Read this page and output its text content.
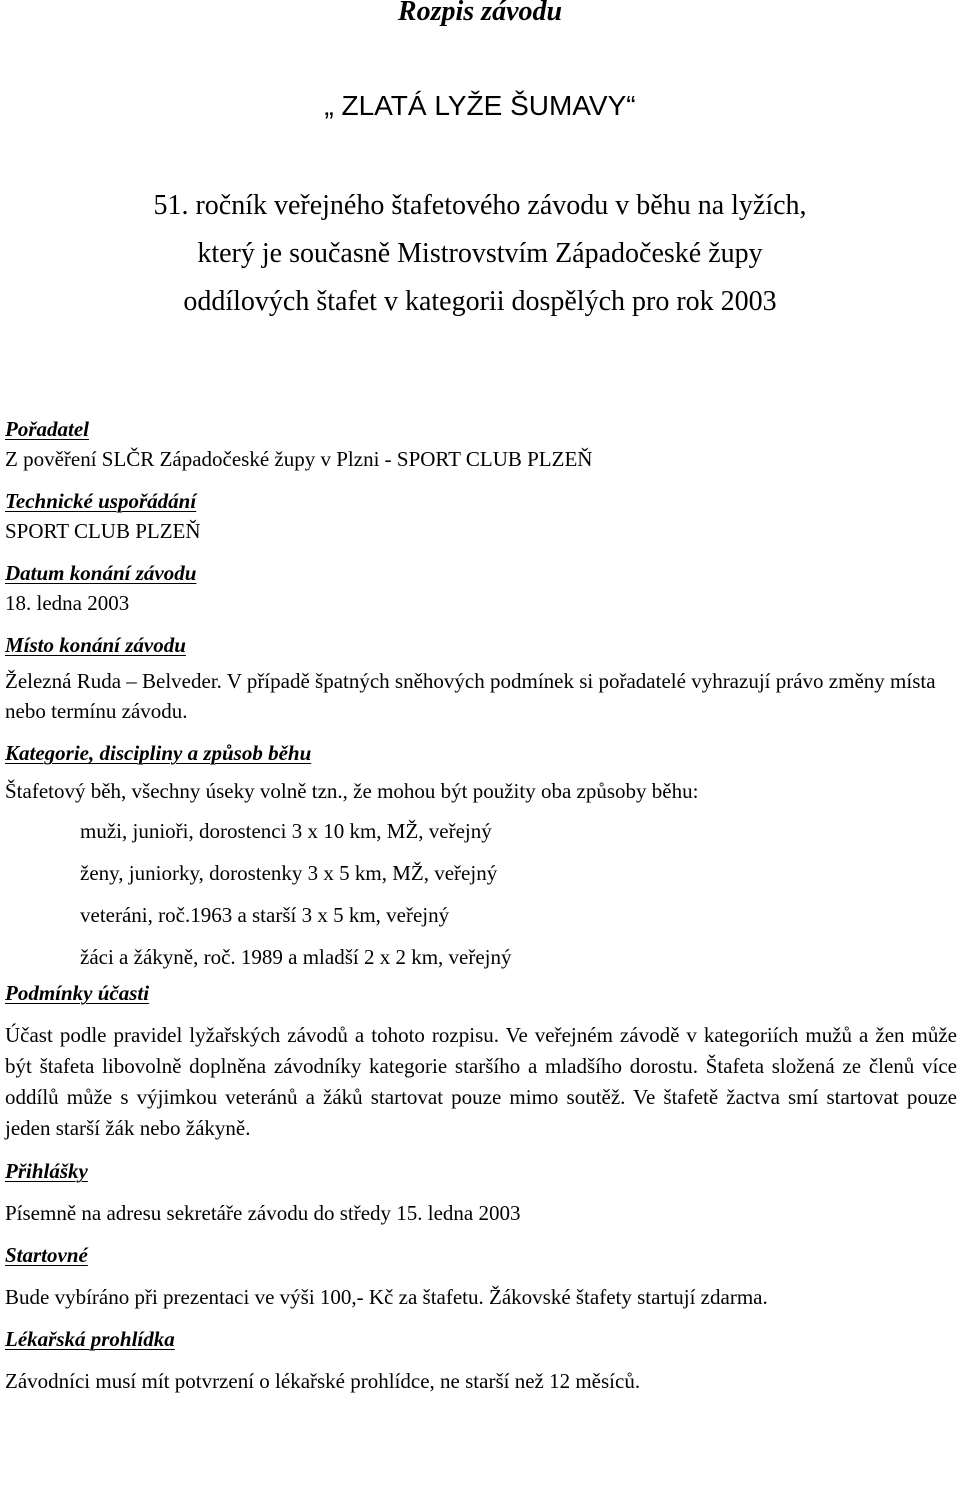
Rozpis závodu

„ ZLATÁ LYŽE ŠUMAVY“

51. ročník veřejného štafetového závodu v běhu na lyžích,
který je současně Mistrovstvím Západočeské župy
oddílových štafet v kategorii dospělých pro rok 2003

Pořadatel
Z pověření SLČR Západočeské župy v Plzni - SPORT CLUB PLZEŇ
Technické uspořádání
SPORT CLUB PLZEŇ
Datum konání závodu
18. ledna 2003
Místo konání závodu
Železná Ruda – Belveder. V případě špatných sněhových podmínek si pořadatelé vyhrazují právo změny místa nebo termínu závodu.
Kategorie, discipliny a způsob běhu
Štafetový běh, všechny úseky volně tzn., že mohou být použity oba způsoby běhu:
muži, junioři, dorostenci 3 x 10 km, MŽ, veřejný
ženy, juniorky, dorostenky 3 x 5 km, MŽ, veřejný
veteráni, roč.1963 a starší 3 x 5 km, veřejný
žáci a žákyně, roč. 1989 a mladší 2 x 2 km, veřejný
Podmínky účasti
Účast podle pravidel lyžařských závodů a tohoto rozpisu. Ve veřejném závodě v kategoriích mužů a žen může být štafeta libovolně doplněna závodníky kategorie staršího a mladšího dorostu. Štafeta složená ze členů více oddílů může s výjimkou veteránů a žáků startovat pouze mimo soutěž. Ve štafetě žactva smí startovat pouze jeden starší žák nebo žákyně.
Přihlášky
Písemně na adresu sekretáře závodu do středy 15. ledna 2003
Startovné
Bude vybíráno při prezentaci ve výši 100,- Kč za štafetu. Žákovské štafety startují zdarma.
Lékařská prohlídka
Závodníci musí mít potvrzení o lékařské prohlídce, ne starší než 12 měsíců.
